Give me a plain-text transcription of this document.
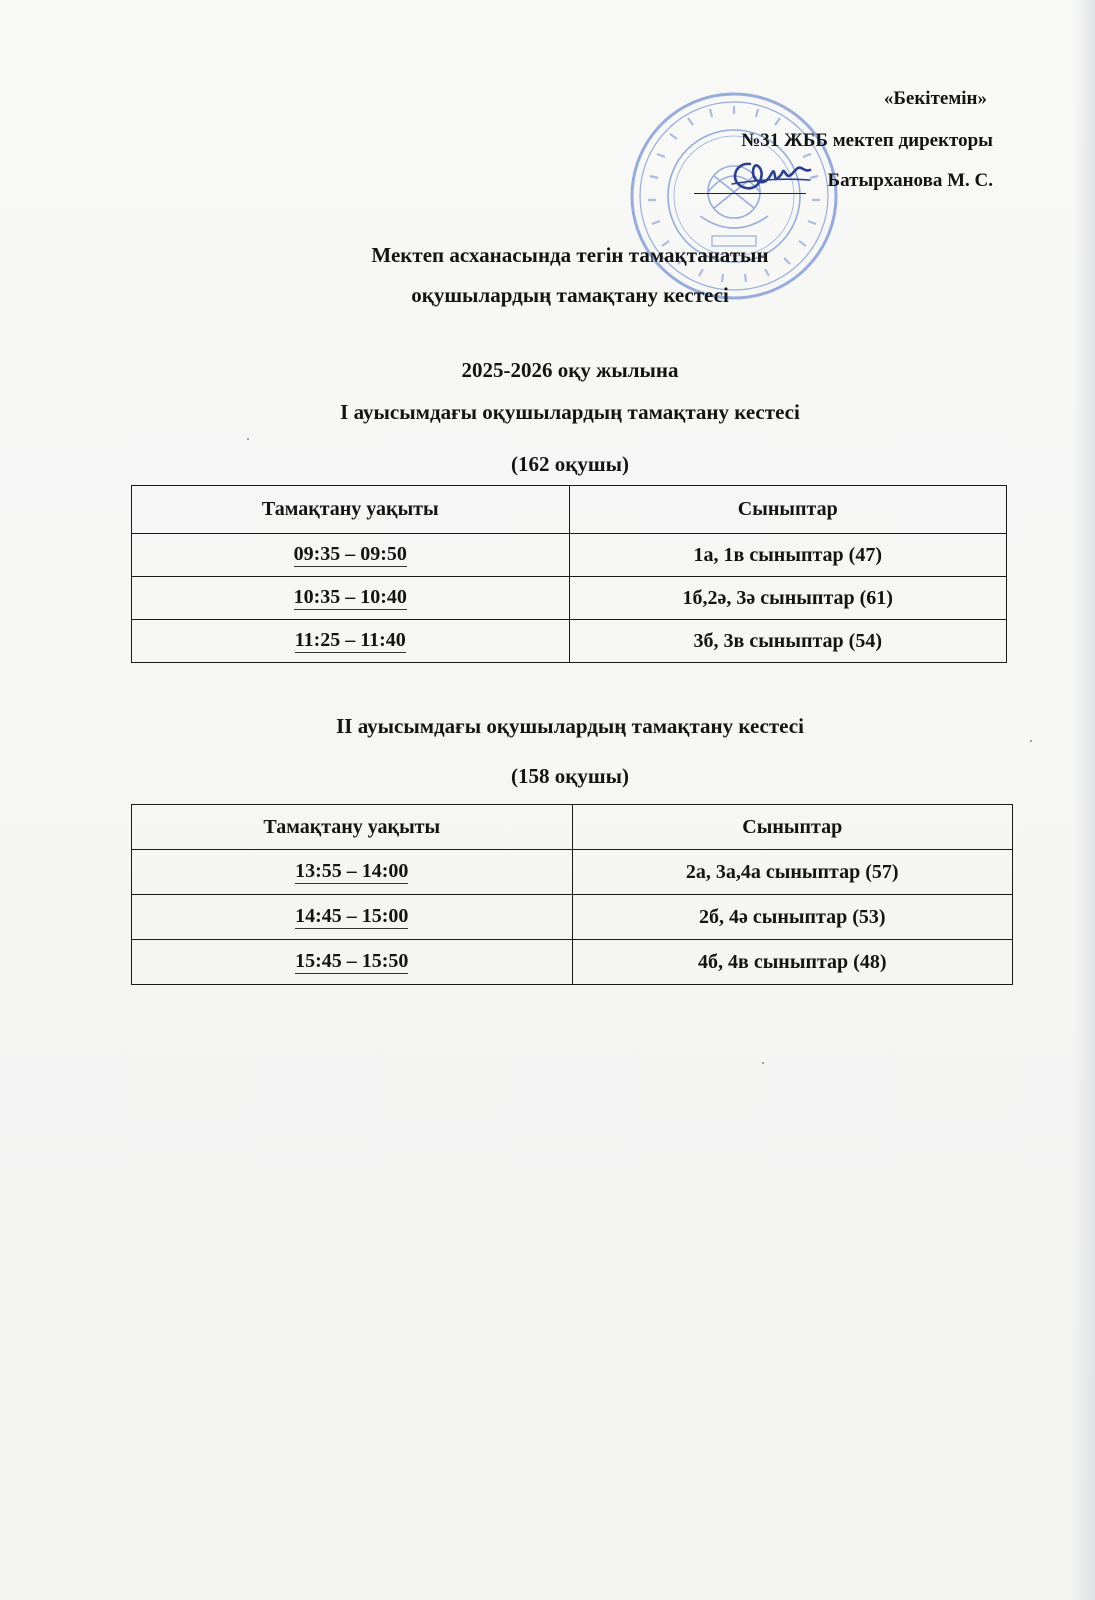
«Бекітемін»
№31 ЖББ мектеп директоры
Батырханова М. С.
Мектеп асханасында тегін тамақтанатын
оқушылардың тамақтану кестесі
2025-2026 оқу жылына
І ауысымдағы оқушылардың тамақтану кестесі
(162 оқушы)
Тамақтану уақыты	Сыныптар
09:35 – 09:50	1а, 1в сыныптар (47)
10:35 – 10:40	1б,2ә, 3ә сыныптар (61)
11:25 – 11:40	3б, 3в сыныптар (54)
ІІ ауысымдағы оқушылардың тамақтану кестесі
(158 оқушы)
Тамақтану уақыты	Сыныптар
13:55 – 14:00	2а, 3а,4а сыныптар (57)
14:45 – 15:00	2б, 4ә сыныптар (53)
15:45 – 15:50	4б, 4в сыныптар (48)
